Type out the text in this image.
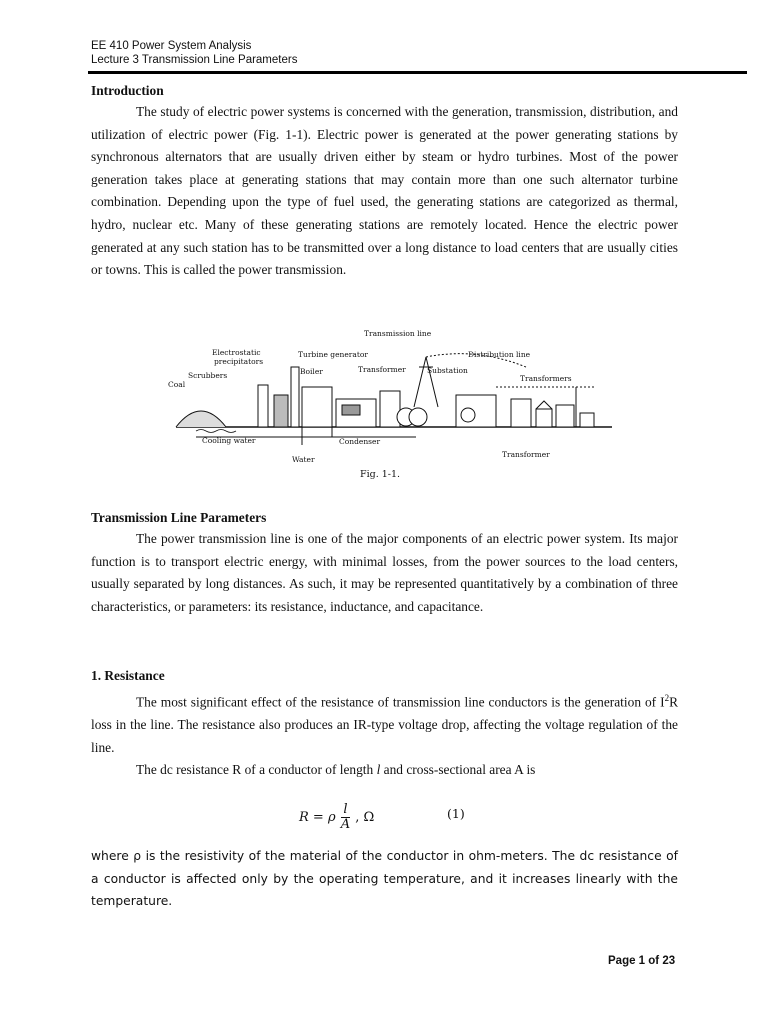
EE 410 Power System Analysis
Lecture 3 Transmission Line Parameters
Introduction

The study of electric power systems is concerned with the generation, transmission, distribution, and utilization of electric power (Fig. 1-1). Electric power is generated at the power generating stations by synchronous alternators that are usually driven either by steam or hydro turbines. Most of the power generation takes place at generating stations that may contain more than one such alternator turbine combination. Depending upon the type of fuel used, the generating stations are categorized as thermal, hydro, nuclear etc. Many of these generating stations are remotely located. Hence the electric power generated at any such station has to be transmitted over a long distance to load centers that are usually cities or towns. This is called the power transmission.

Transmission line
Electrostatic
precipitators
Turbine generator	Distribution line
Scrubbers	Boiler	Transformer	Substation
Transformers
Coal
Cooling water	Condenser
Water
Transformer
Fig. 1-1.
Transmission Line Parameters

The power transmission line is one of the major components of an electric power system. Its major function is to transport electric energy, with minimal losses, from the power sources to the load centers, usually separated by long distances. As such, it may be represented quantitatively by a combination of three characteristics, or parameters: its resistance, inductance, and capacitance.

1. Resistance

The most significant effect of the resistance of transmission line conductors is the generation of $I^2R$ loss in the line. The resistance also produces an IR-type voltage drop, affecting the voltage regulation of the line.

The dc resistance R of a conductor of length l and cross-sectional area A is

R = ρ $\frac{l}{A}$ , Ω	(1)

where ρ is the resistivity of the material of the conductor in ohm-meters. The dc resistance of a conductor is affected only by the operating temperature, and it increases linearly with the temperature.

Page 1 of 23
